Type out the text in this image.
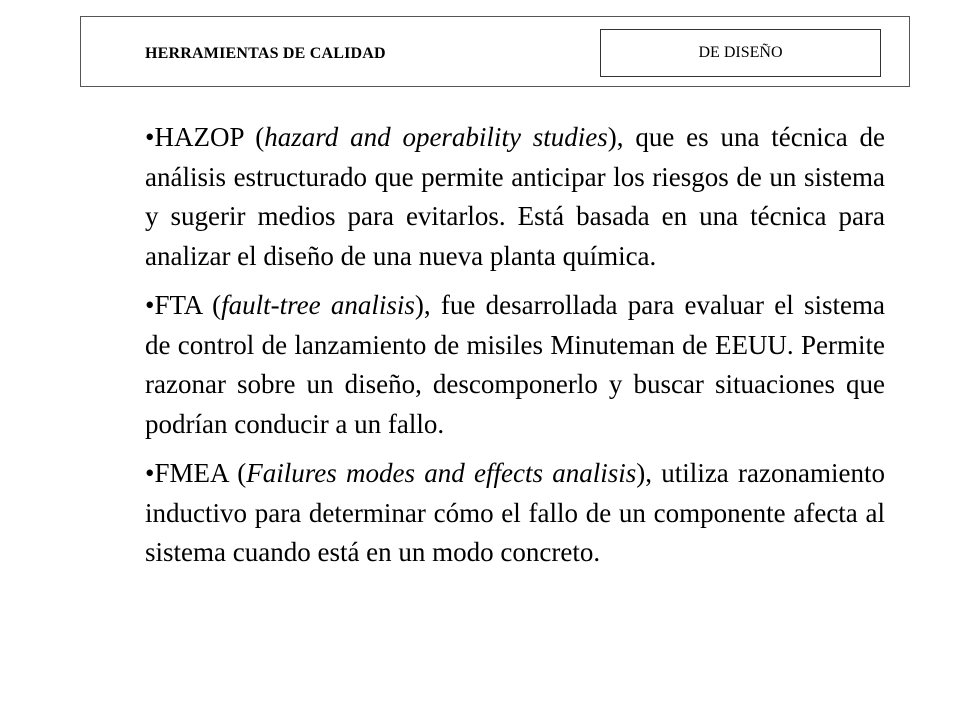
HERRAMIENTAS DE CALIDAD	DE DISEÑO

•HAZOP (hazard and operability studies), que es una técnica de análisis estructurado que permite anticipar los riesgos de un sistema y sugerir medios para evitarlos. Está basada en una técnica para analizar el diseño de una nueva planta química.

•FTA (fault-tree analisis), fue desarrollada para evaluar el sistema de control de lanzamiento de misiles Minuteman de EEUU. Permite razonar sobre un diseño, descomponerlo y buscar situaciones que podrían conducir a un fallo.

•FMEA (Failures modes and effects analisis), utiliza razonamiento inductivo para determinar cómo el fallo de un componente afecta al sistema cuando está en un modo concreto.
